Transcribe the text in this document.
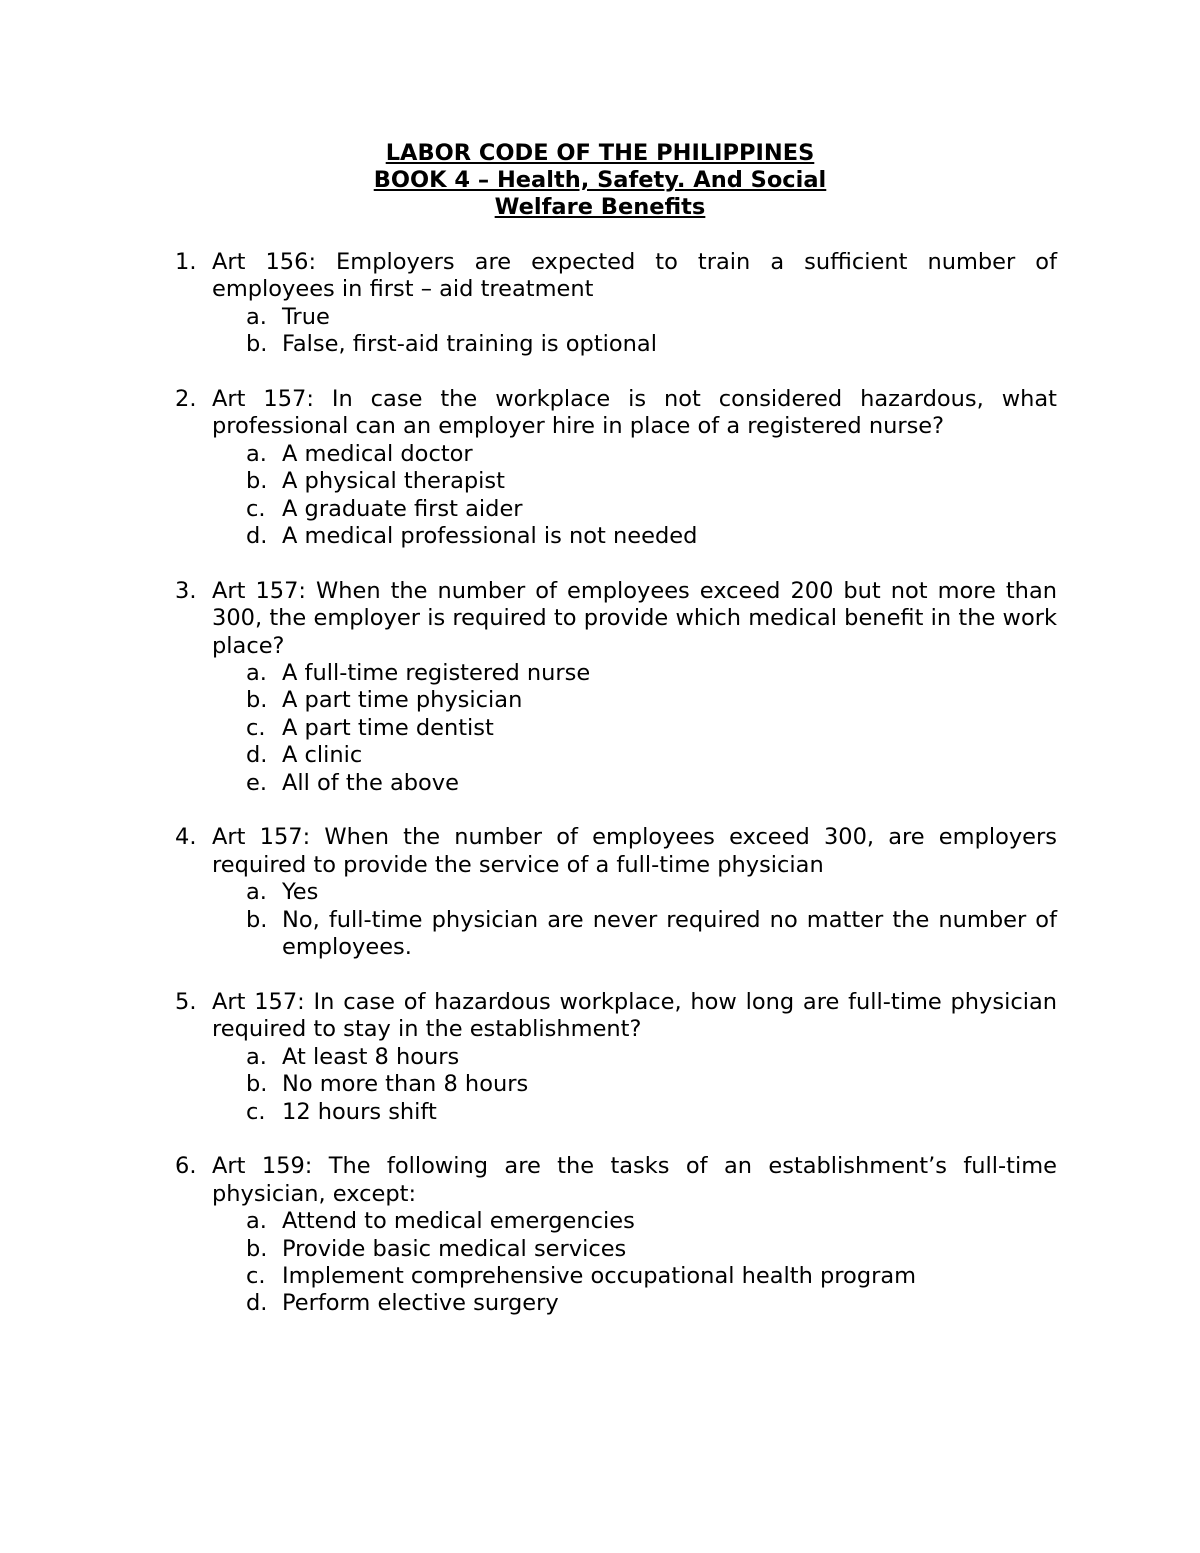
LABOR CODE OF THE PHILIPPINES
BOOK 4 – Health, Safety. And Social
Welfare Benefits
1. Art 156: Employers are expected to train a sufficient number of employees in first – aid treatment
a. True
b. False, first-aid training is optional
2. Art 157: In case the workplace is not considered hazardous, what professional can an employer hire in place of a registered nurse?
a. A medical doctor
b. A physical therapist
c. A graduate first aider
d. A medical professional is not needed
3. Art 157: When the number of employees exceed 200 but not more than 300, the employer is required to provide which medical benefit in the work place?
a. A full-time registered nurse
b. A part time physician
c. A part time dentist
d. A clinic
e. All of the above
4. Art 157: When the number of employees exceed 300, are employers required to provide the service of a full-time physician
a. Yes
b. No, full-time physician are never required no matter the number of employees.
5. Art 157: In case of hazardous workplace, how long are full-time physician required to stay in the establishment?
a. At least 8 hours
b. No more than 8 hours
c. 12 hours shift
6. Art 159: The following are the tasks of an establishment’s full-time physician, except:
a. Attend to medical emergencies
b. Provide basic medical services
c. Implement comprehensive occupational health program
d. Perform elective surgery
